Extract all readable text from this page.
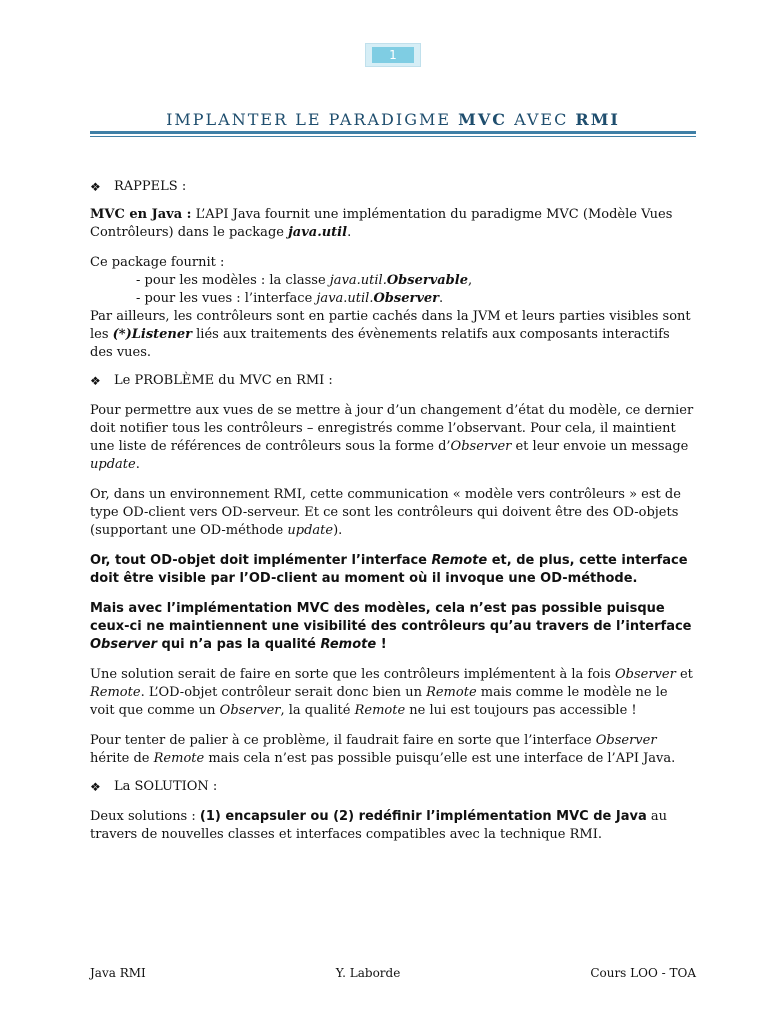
1
IMPLANTER LE PARADIGME MVC AVEC RMI
❖	RAPPELS :

MVC en Java : L’API Java fournit une implémentation du paradigme MVC (Modèle Vues Contrôleurs) dans le package java.util.

Ce package fournit :

- pour les modèles : la classe java.util.Observable,

- pour les vues : l’interface java.util.Observer.

Par ailleurs, les contrôleurs sont en partie cachés dans la JVM et leurs parties visibles sont les (*)Listener liés aux traitements des évènements relatifs aux composants interactifs des vues.

❖	Le PROBLÈME du MVC en RMI :

Pour permettre aux vues de se mettre à jour d’un changement d’état du modèle, ce dernier doit notifier tous les contrôleurs – enregistrés comme l’observant. Pour cela, il maintient une liste de références de contrôleurs sous la forme d’Observer et leur envoie un message update.

Or, dans un environnement RMI, cette communication « modèle vers contrôleurs » est de type OD-client vers OD-serveur. Et ce sont les contrôleurs qui doivent être des OD-objets (supportant une OD-méthode update).

Or, tout OD-objet doit implémenter l’interface Remote et, de plus, cette interface doit être visible par l’OD-client au moment où il invoque une OD-méthode.

Mais avec l’implémentation MVC des modèles, cela n’est pas possible puisque ceux-ci ne maintiennent une visibilité des contrôleurs qu’au travers de l’interface Observer qui n’a pas la qualité Remote !

Une solution serait de faire en sorte que les contrôleurs implémentent à la fois Observer et Remote. L’OD-objet contrôleur serait donc bien un Remote mais comme le modèle ne le voit que comme un Observer, la qualité Remote ne lui est toujours pas accessible !

Pour tenter de palier à ce problème, il faudrait faire en sorte que l’interface Observer hérite de Remote mais cela n’est pas possible puisqu’elle est une interface de l’API Java.

❖	La SOLUTION :

Deux solutions : (1) encapsuler ou (2) redéfinir l’implémentation MVC de Java au travers de nouvelles classes et interfaces compatibles avec la technique RMI.

Java RMI	Y. Laborde	Cours LOO - TOA
